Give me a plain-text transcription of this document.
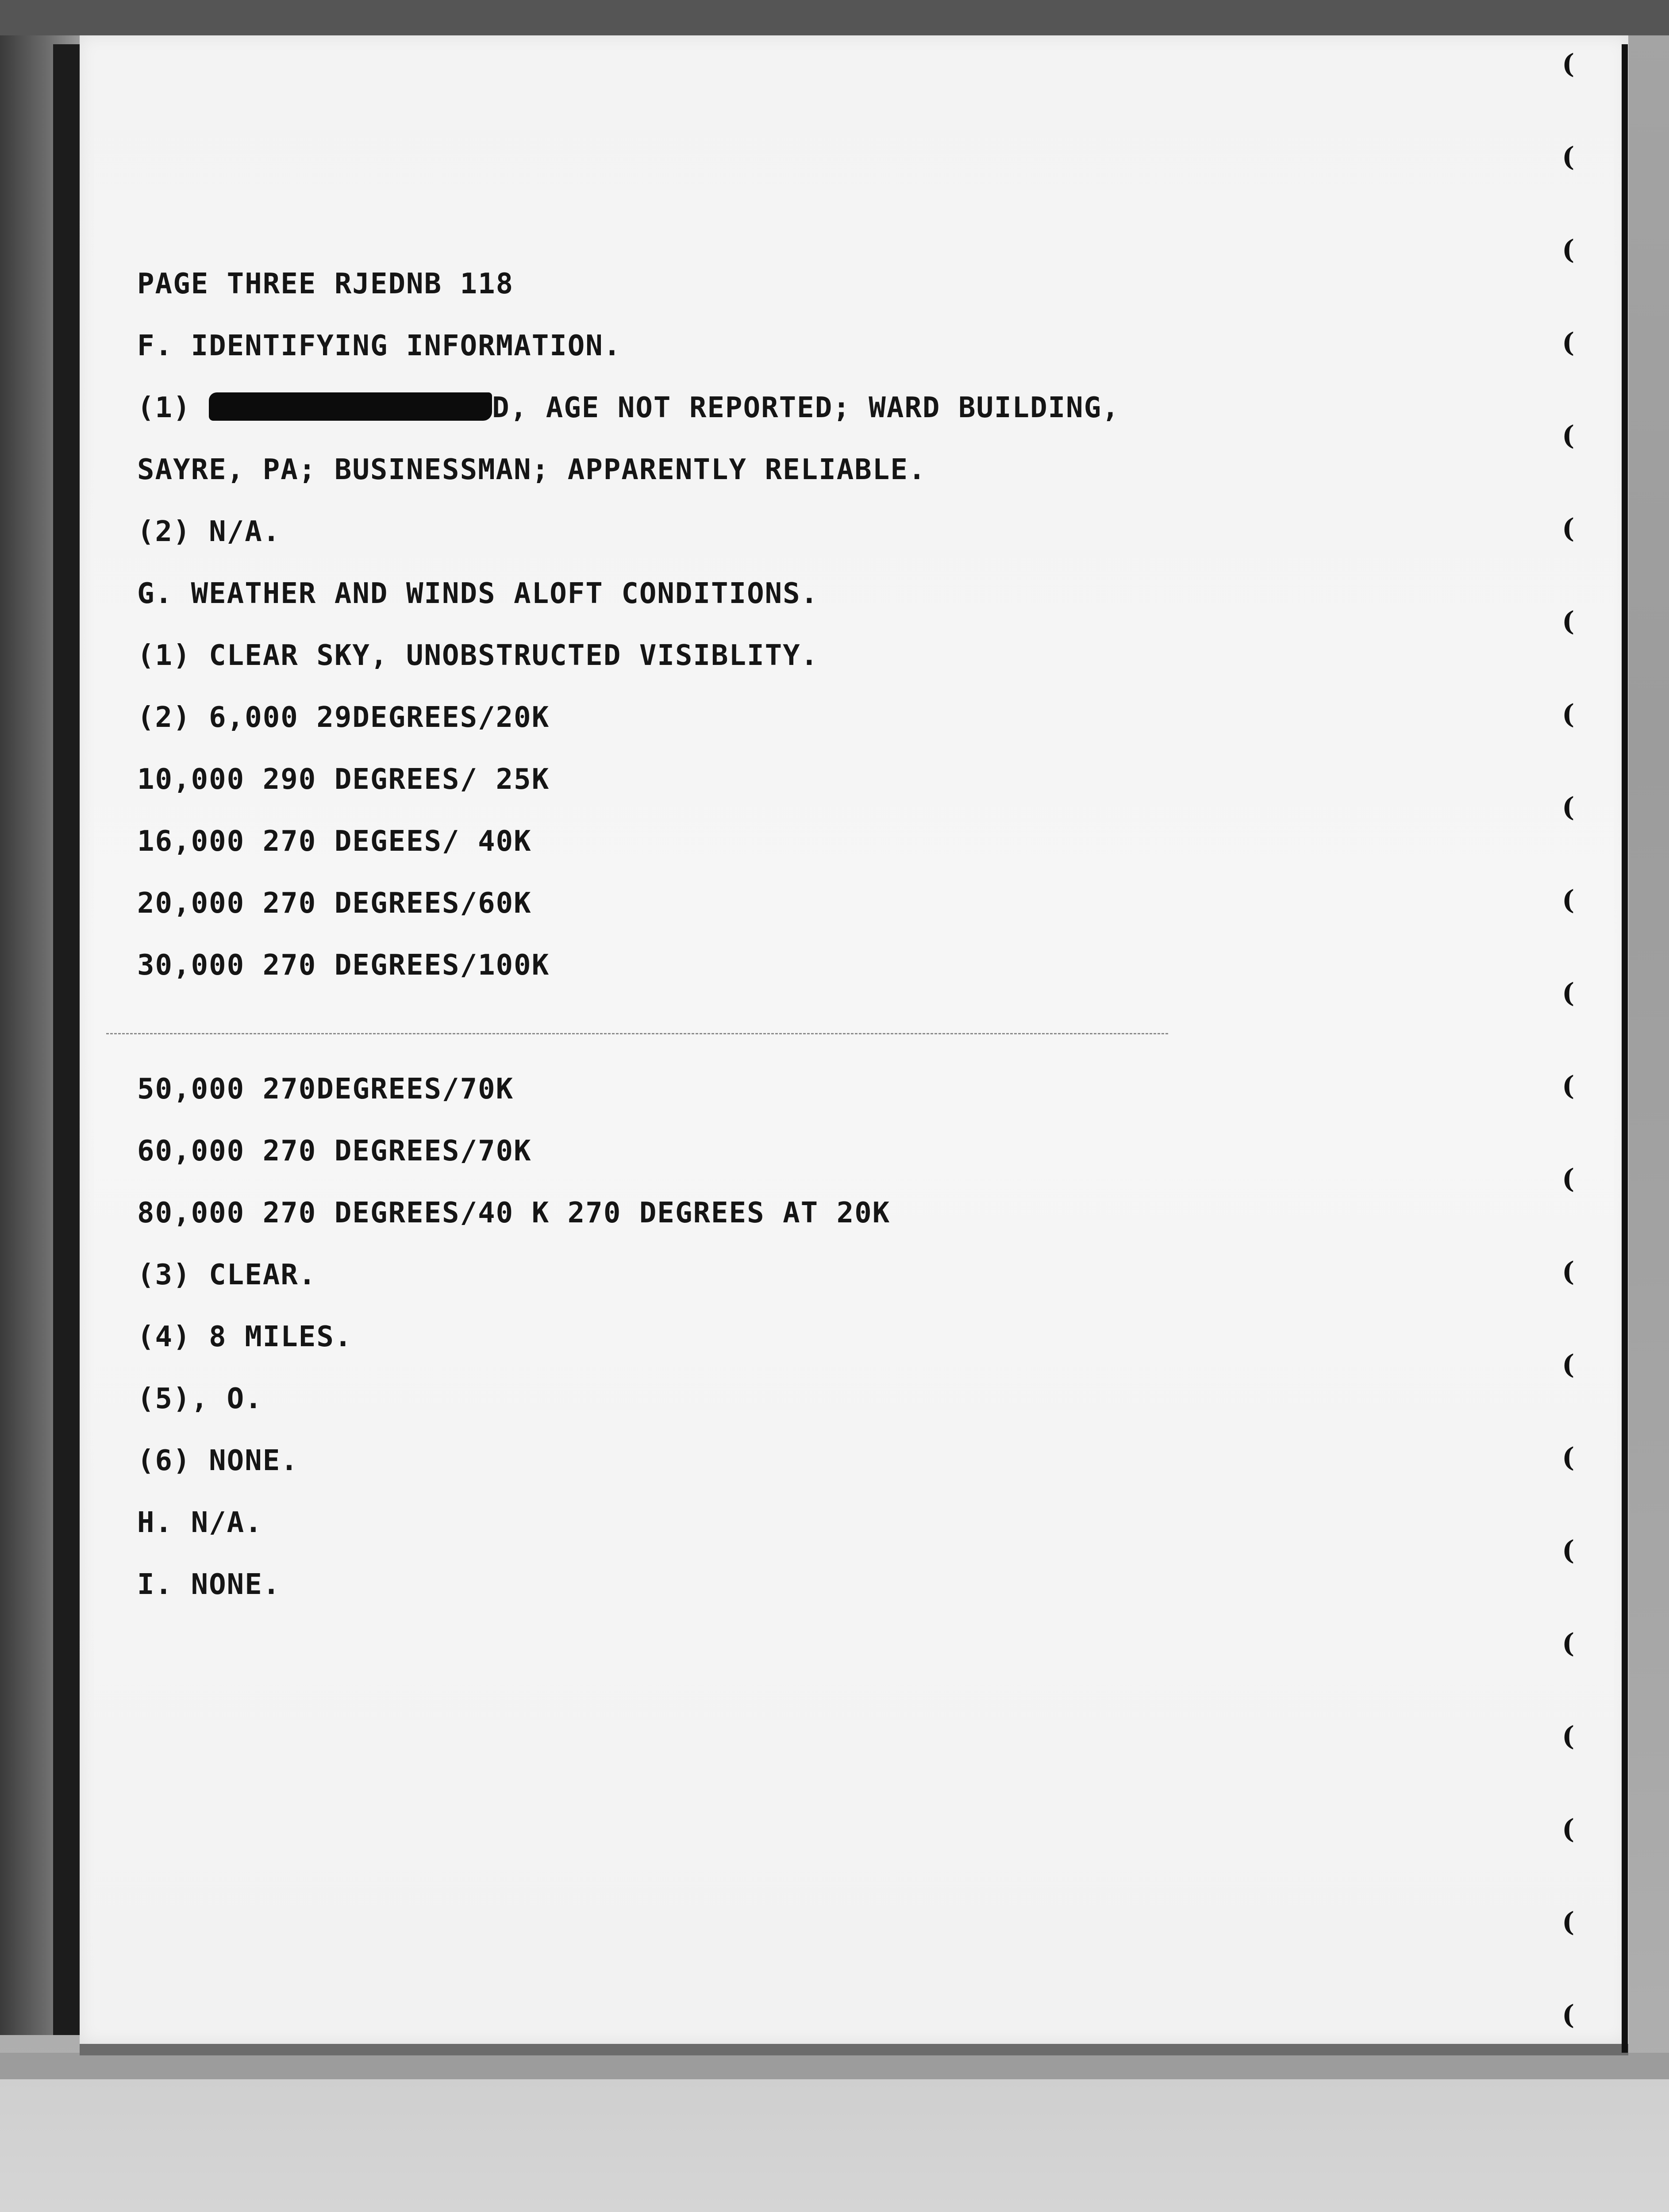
(
(
(
(
(
(
(
(
(
(
(
(
(
(
(
(
(
(
(
(
(
(
PAGE THREE RJEDNB 118
F. IDENTIFYING INFORMATION.
(1)	D, AGE NOT REPORTED; WARD BUILDING,
SAYRE, PA; BUSINESSMAN; APPARENTLY RELIABLE.
(2) N/A.
G. WEATHER AND WINDS ALOFT CONDITIONS.
(1) CLEAR SKY, UNOBSTRUCTED VISIBLITY.
(2) 6,000 29DEGREES/20K
10,000 290 DEGREES/ 25K
16,000 270 DEGEES/ 40K
20,000 270 DEGREES/60K
30,000 270 DEGREES/100K
50,000 270DEGREES/70K
60,000 270 DEGREES/70K
80,000 270 DEGREES/40 K 270 DEGREES AT 20K
(3) CLEAR.
(4) 8 MILES.
(5), O.
(6) NONE.
H. N/A.
I. NONE.
